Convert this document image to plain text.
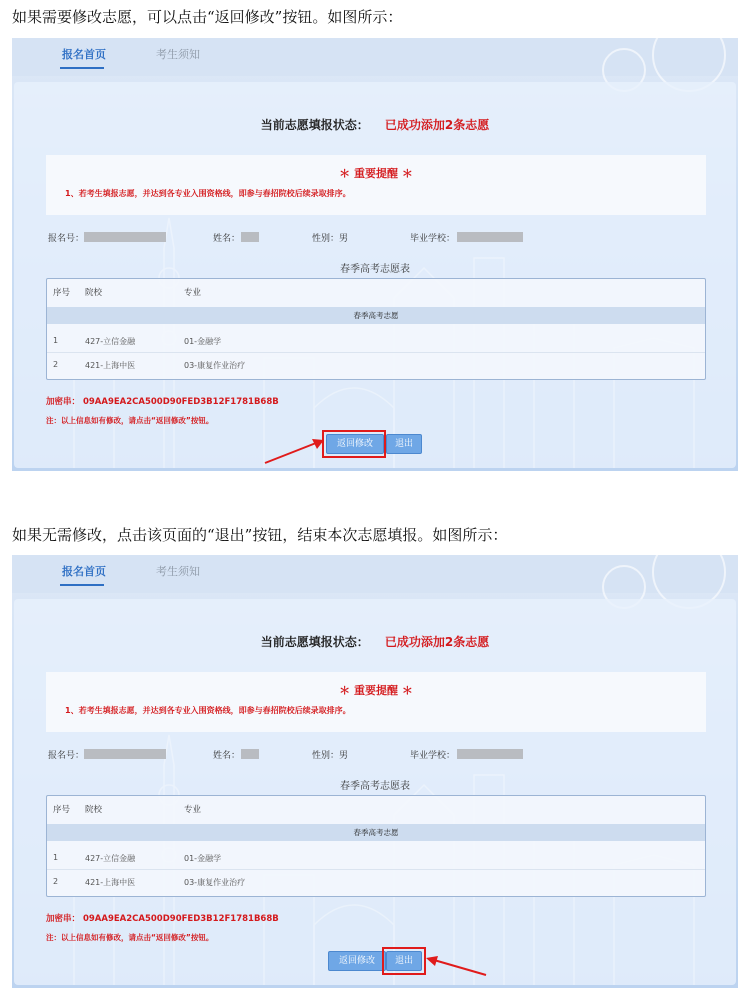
如果需要修改志愿，可以点击“返回修改”按钮。如图所示：
报名首页	考生须知
当前志愿填报状态： 已成功添加2条志愿
＊ 重要提醒 ＊
1、若考生填报志愿，并达到各专业入围资格线，即参与春招院校后续录取排序。
报名号：	姓名：	性别：男	毕业学校：
春季高考志愿表
序号 院校	专业
春季高考志愿
1	427-立信金融	01-金融学
2	421-上海中医	03-康复作业治疗
加密串： 09AA9EA2CA500D90FED3B12F1781B68B
注：以上信息如有修改，请点击“返回修改”按钮。
返回修改	退出
如果无需修改，点击该页面的“退出”按钮，结束本次志愿填报。如图所示：
报名首页	考生须知
当前志愿填报状态： 已成功添加2条志愿
＊ 重要提醒 ＊
1、若考生填报志愿，并达到各专业入围资格线，即参与春招院校后续录取排序。
报名号：	姓名：	性别：男	毕业学校：
春季高考志愿表
序号 院校	专业
春季高考志愿
1	427-立信金融	01-金融学
2	421-上海中医	03-康复作业治疗
加密串： 09AA9EA2CA500D90FED3B12F1781B68B
注：以上信息如有修改，请点击“返回修改”按钮。
返回修改	退出
